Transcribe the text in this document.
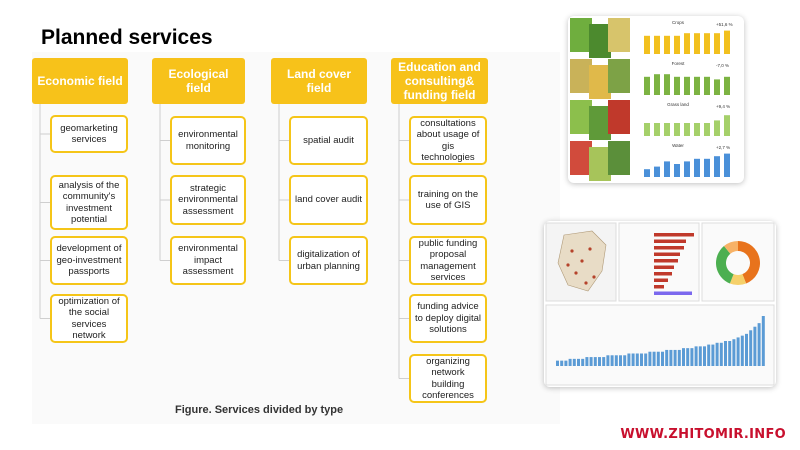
Planned services
Economic field
geomarketing services
analysis of the community's investment potential
development of geo-investment passports
optimization of the social services network
Ecological field
environmental monitoring
strategic environmental assessment
environmental impact assessment
Land cover field
spatial audit
land cover audit
digitalization of urban planning
Education and consulting& funding field
consultations about usage of gis technologies
training on the use of GIS
public funding proposal management services
funding advice to deploy digital solutions
organizing network building conferences
Figure. Services divided by type
Crops	+51,6 %
Forest	-7,0 %
Grass land	+9,4 %
Water	+2,7 %
WWW.ZHITOMIR.INFO
